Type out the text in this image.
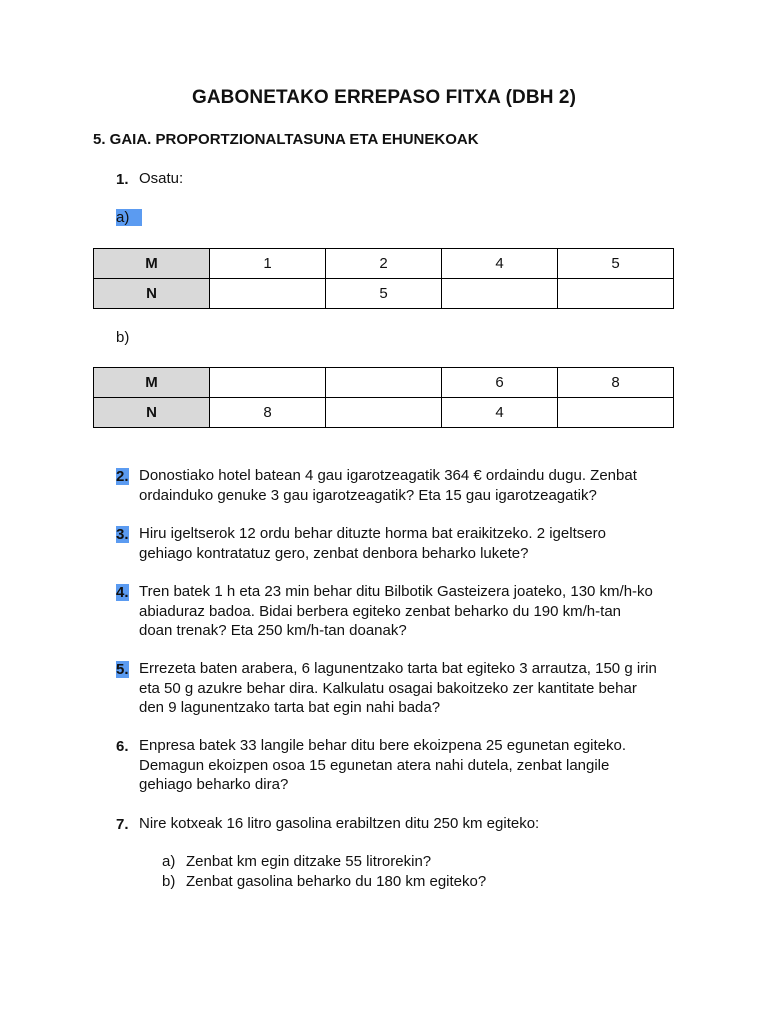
GABONETAKO ERREPASO FITXA (DBH 2)
5. GAIA. PROPORTZIONALTASUNA ETA EHUNEKOAK
1. Osatu:
a)
M	1	2	4	5
N		5		
b)
M			6	8
N	8		4	
2. Donostiako hotel batean 4 gau igarotzeagatik 364 € ordaindu dugu. Zenbat
ordainduko genuke 3 gau igarotzeagatik? Eta 15 gau igarotzeagatik?
3. Hiru igeltserok 12 ordu behar dituzte horma bat eraikitzeko. 2 igeltsero
gehiago kontratatuz gero, zenbat denbora beharko lukete?
4. Tren batek 1 h eta 23 min behar ditu Bilbotik Gasteizera joateko, 130 km/h-ko
abiaduraz badoa. Bidai berbera egiteko zenbat beharko du 190 km/h-tan
doan trenak? Eta 250 km/h-tan doanak?
5. Errezeta baten arabera, 6 lagunentzako tarta bat egiteko 3 arrautza, 150 g irin
eta 50 g azukre behar dira. Kalkulatu osagai bakoitzeko zer kantitate behar
den 9 lagunentzako tarta bat egin nahi bada?
6. Enpresa batek 33 langile behar ditu bere ekoizpena 25 egunetan egiteko.
Demagun ekoizpen osoa 15 egunetan atera nahi dutela, zenbat langile
gehiago beharko dira?
7. Nire kotxeak 16 litro gasolina erabiltzen ditu 250 km egiteko:
a) Zenbat km egin ditzake 55 litrorekin?
b) Zenbat gasolina beharko du 180 km egiteko?
